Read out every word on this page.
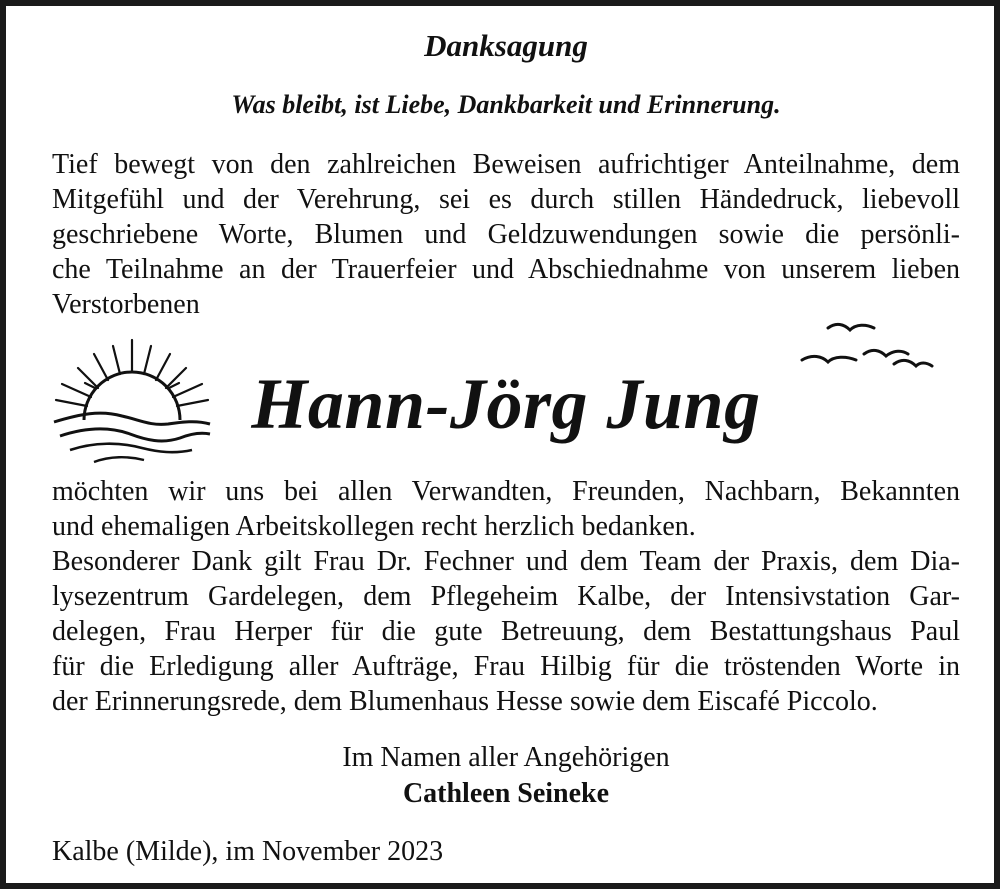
Danksagung
Was bleibt, ist Liebe, Dankbarkeit und Erinnerung.
Tief bewegt von den zahlreichen Beweisen aufrichtiger Anteilnahme, dem
Mitgefühl und der Verehrung, sei es durch stillen Händedruck, liebevoll
geschriebene Worte, Blumen und Geldzuwendungen sowie die persönli-
che Teilnahme an der Trauerfeier und Abschiednahme von unserem lieben
Verstorbenen
Hann-Jörg Jung
möchten wir uns bei allen Verwandten, Freunden, Nachbarn, Bekannten
und ehemaligen Arbeitskollegen recht herzlich bedanken.
Besonderer Dank gilt Frau Dr. Fechner und dem Team der Praxis, dem Dia-
lysezentrum Gardelegen, dem Pflegeheim Kalbe, der Intensivstation Gar-
delegen, Frau Herper für die gute Betreuung, dem Bestattungshaus Paul
für die Erledigung aller Aufträge, Frau Hilbig für die tröstenden Worte in
der Erinnerungsrede, dem Blumenhaus Hesse sowie dem Eiscafé Piccolo.
Im Namen aller Angehörigen
Cathleen Seineke
Kalbe (Milde), im November 2023
